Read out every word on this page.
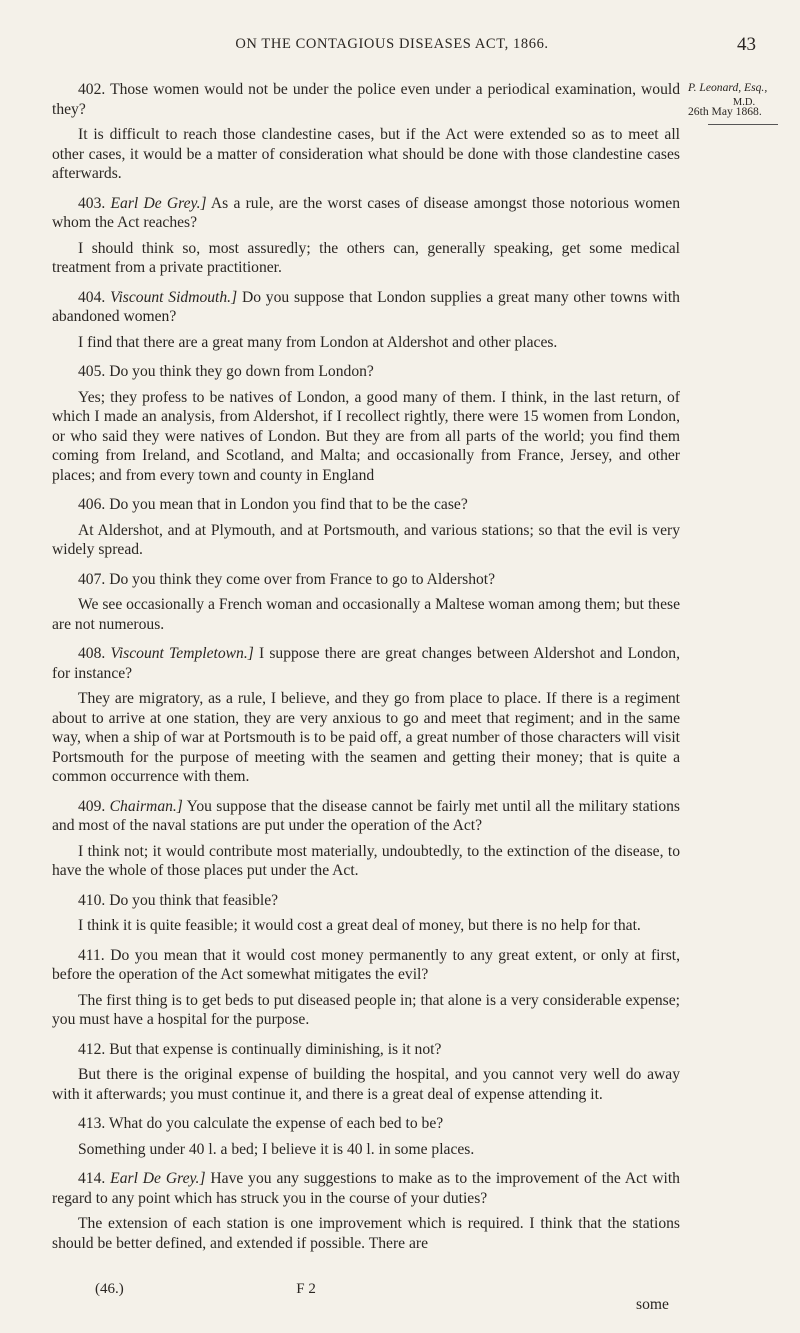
ON THE CONTAGIOUS DISEASES ACT, 1866.	43
P. Leonard, Esq.,
M.D.
26th May 1868.

402. Those women would not be under the police even under a periodical examination, would they?

It is difficult to reach those clandestine cases, but if the Act were extended so as to meet all other cases, it would be a matter of consideration what should be done with those clandestine cases afterwards.

403. Earl De Grey.] As a rule, are the worst cases of disease amongst those notorious women whom the Act reaches?

I should think so, most assuredly; the others can, generally speaking, get some medical treatment from a private practitioner.

404. Viscount Sidmouth.] Do you suppose that London supplies a great many other towns with abandoned women?

I find that there are a great many from London at Aldershot and other places.

405. Do you think they go down from London?

Yes; they profess to be natives of London, a good many of them. I think, in the last return, of which I made an analysis, from Aldershot, if I recollect rightly, there were 15 women from London, or who said they were natives of London. But they are from all parts of the world; you find them coming from Ireland, and Scotland, and Malta; and occasionally from France, Jersey, and other places; and from every town and county in England

406. Do you mean that in London you find that to be the case?

At Aldershot, and at Plymouth, and at Portsmouth, and various stations; so that the evil is very widely spread.

407. Do you think they come over from France to go to Aldershot?

We see occasionally a French woman and occasionally a Maltese woman among them; but these are not numerous.

408. Viscount Templetown.] I suppose there are great changes between Aldershot and London, for instance?

They are migratory, as a rule, I believe, and they go from place to place. If there is a regiment about to arrive at one station, they are very anxious to go and meet that regiment; and in the same way, when a ship of war at Portsmouth is to be paid off, a great number of those characters will visit Portsmouth for the purpose of meeting with the seamen and getting their money; that is quite a common occurrence with them.

409. Chairman.] You suppose that the disease cannot be fairly met until all the military stations and most of the naval stations are put under the operation of the Act?

I think not; it would contribute most materially, undoubtedly, to the extinction of the disease, to have the whole of those places put under the Act.

410. Do you think that feasible?

I think it is quite feasible; it would cost a great deal of money, but there is no help for that.

411. Do you mean that it would cost money permanently to any great extent, or only at first, before the operation of the Act somewhat mitigates the evil?

The first thing is to get beds to put diseased people in; that alone is a very considerable expense; you must have a hospital for the purpose.

412. But that expense is continually diminishing, is it not?

But there is the original expense of building the hospital, and you cannot very well do away with it afterwards; you must continue it, and there is a great deal of expense attending it.

413. What do you calculate the expense of each bed to be?

Something under 40 l. a bed; I believe it is 40 l. in some places.

414. Earl De Grey.] Have you any suggestions to make as to the improvement of the Act with regard to any point which has struck you in the course of your duties?

The extension of each station is one improvement which is required. I think that the stations should be better defined, and extended if possible. There are

(46.)	F 2
some
